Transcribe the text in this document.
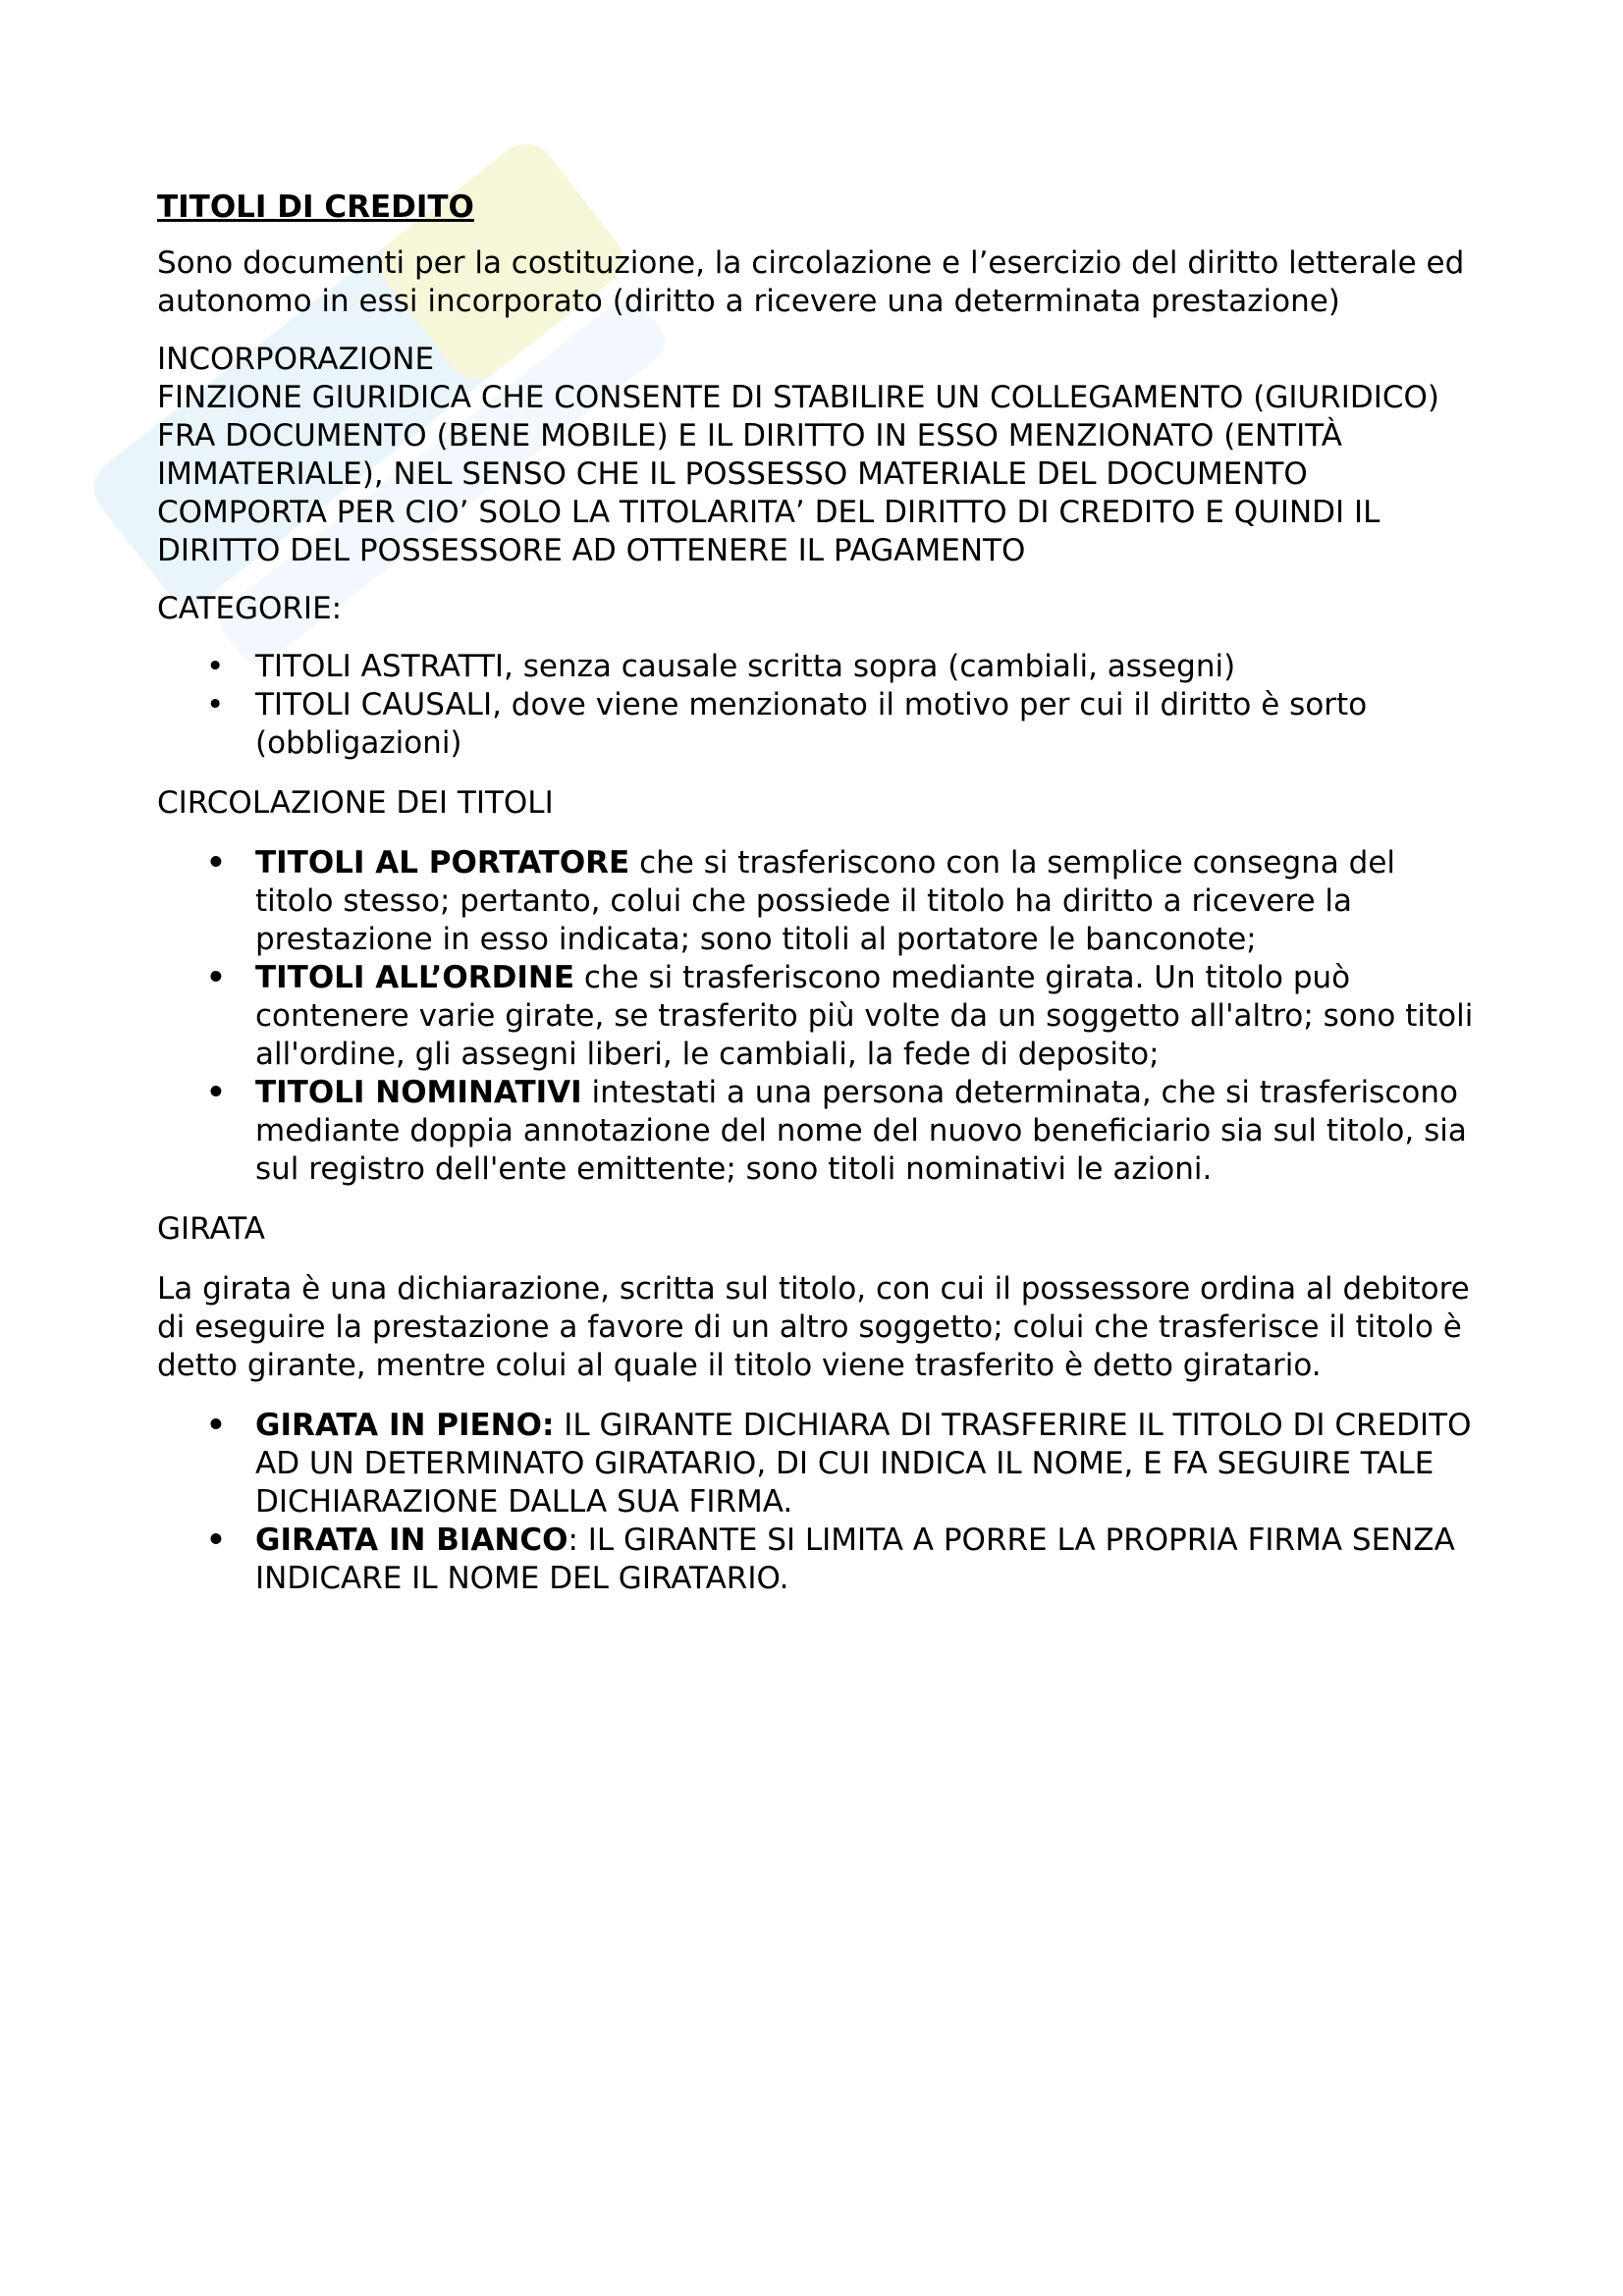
TITOLI DI CREDITO

Sono documenti per la costituzione, la circolazione e l’esercizio del diritto letterale ed autonomo in essi incorporato (diritto a ricevere una determinata prestazione)

INCORPORAZIONE

FINZIONE GIURIDICA CHE CONSENTE DI STABILIRE UN COLLEGAMENTO (GIURIDICO) FRA DOCUMENTO (BENE MOBILE) E IL DIRITTO IN ESSO MENZIONATO (ENTITÀ IMMATERIALE), NEL SENSO CHE IL POSSESSO MATERIALE DEL DOCUMENTO COMPORTA PER CIO’ SOLO LA TITOLARITA’ DEL DIRITTO DI CREDITO E QUINDI IL DIRITTO DEL POSSESSORE AD OTTENERE IL PAGAMENTO

CATEGORIE:

• TITOLI ASTRATTI, senza causale scritta sopra (cambiali, assegni)
• TITOLI CAUSALI, dove viene menzionato il motivo per cui il diritto è sorto (obbligazioni)

CIRCOLAZIONE DEI TITOLI

• TITOLI AL PORTATORE che si trasferiscono con la semplice consegna del titolo stesso; pertanto, colui che possiede il titolo ha diritto a ricevere la prestazione in esso indicata; sono titoli al portatore le banconote;
• TITOLI ALL’ORDINE che si trasferiscono mediante girata. Un titolo può contenere varie girate, se trasferito più volte da un soggetto all'altro; sono titoli all'ordine, gli assegni liberi, le cambiali, la fede di deposito;
• TITOLI NOMINATIVI intestati a una persona determinata, che si trasferiscono mediante doppia annotazione del nome del nuovo beneficiario sia sul titolo, sia sul registro dell'ente emittente; sono titoli nominativi le azioni.

GIRATA

La girata è una dichiarazione, scritta sul titolo, con cui il possessore ordina al debitore di eseguire la prestazione a favore di un altro soggetto; colui che trasferisce il titolo è detto girante, mentre colui al quale il titolo viene trasferito è detto giratario.

• GIRATA IN PIENO: IL GIRANTE DICHIARA DI TRASFERIRE IL TITOLO DI CREDITO AD UN DETERMINATO GIRATARIO, DI CUI INDICA IL NOME, E FA SEGUIRE TALE DICHIARAZIONE DALLA SUA FIRMA.
• GIRATA IN BIANCO: IL GIRANTE SI LIMITA A PORRE LA PROPRIA FIRMA SENZA INDICARE IL NOME DEL GIRATARIO.
